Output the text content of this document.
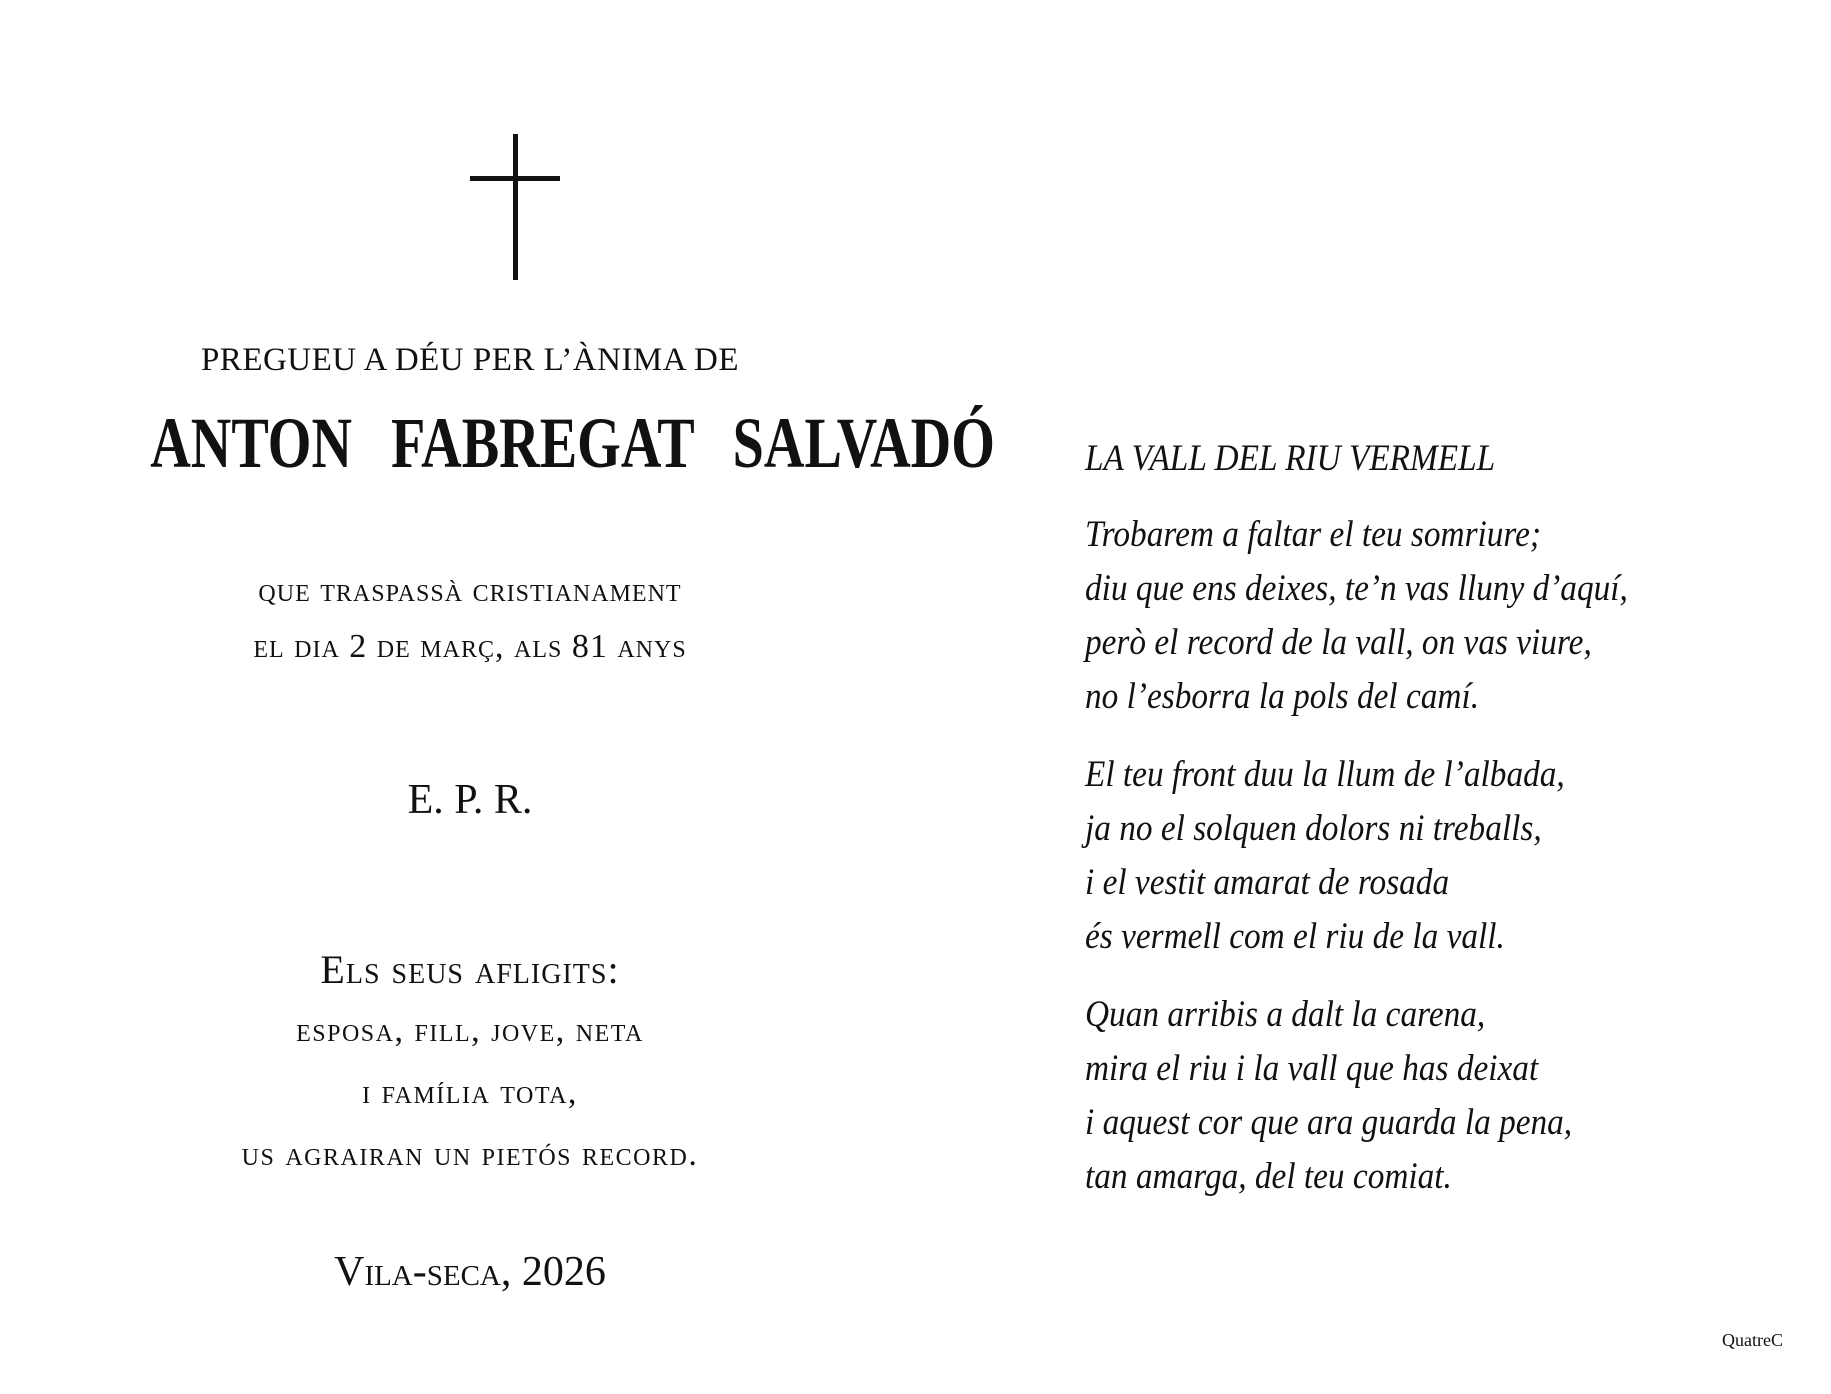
PREGUEU A DÉU PER L’ÀNIMA DE
ANTON FABREGAT SALVADÓ
que traspassà cristianament
el dia 2 de març, als 81 anys
E. P. R.
Els seus afligits:
esposa, fill, jove, neta
i família tota,
us agrairan un pietós record.
Vila-seca, 2026
LA VALL DEL RIU VERMELL
Trobarem a faltar el teu somriure;
diu que ens deixes, te’n vas lluny d’aquí,
però el record de la vall, on vas viure,
no l’esborra la pols del camí.
El teu front duu la llum de l’albada,
ja no el solquen dolors ni treballs,
i el vestit amarat de rosada
és vermell com el riu de la vall.
Quan arribis a dalt la carena,
mira el riu i la vall que has deixat
i aquest cor que ara guarda la pena,
tan amarga, del teu comiat.
QuatreC
